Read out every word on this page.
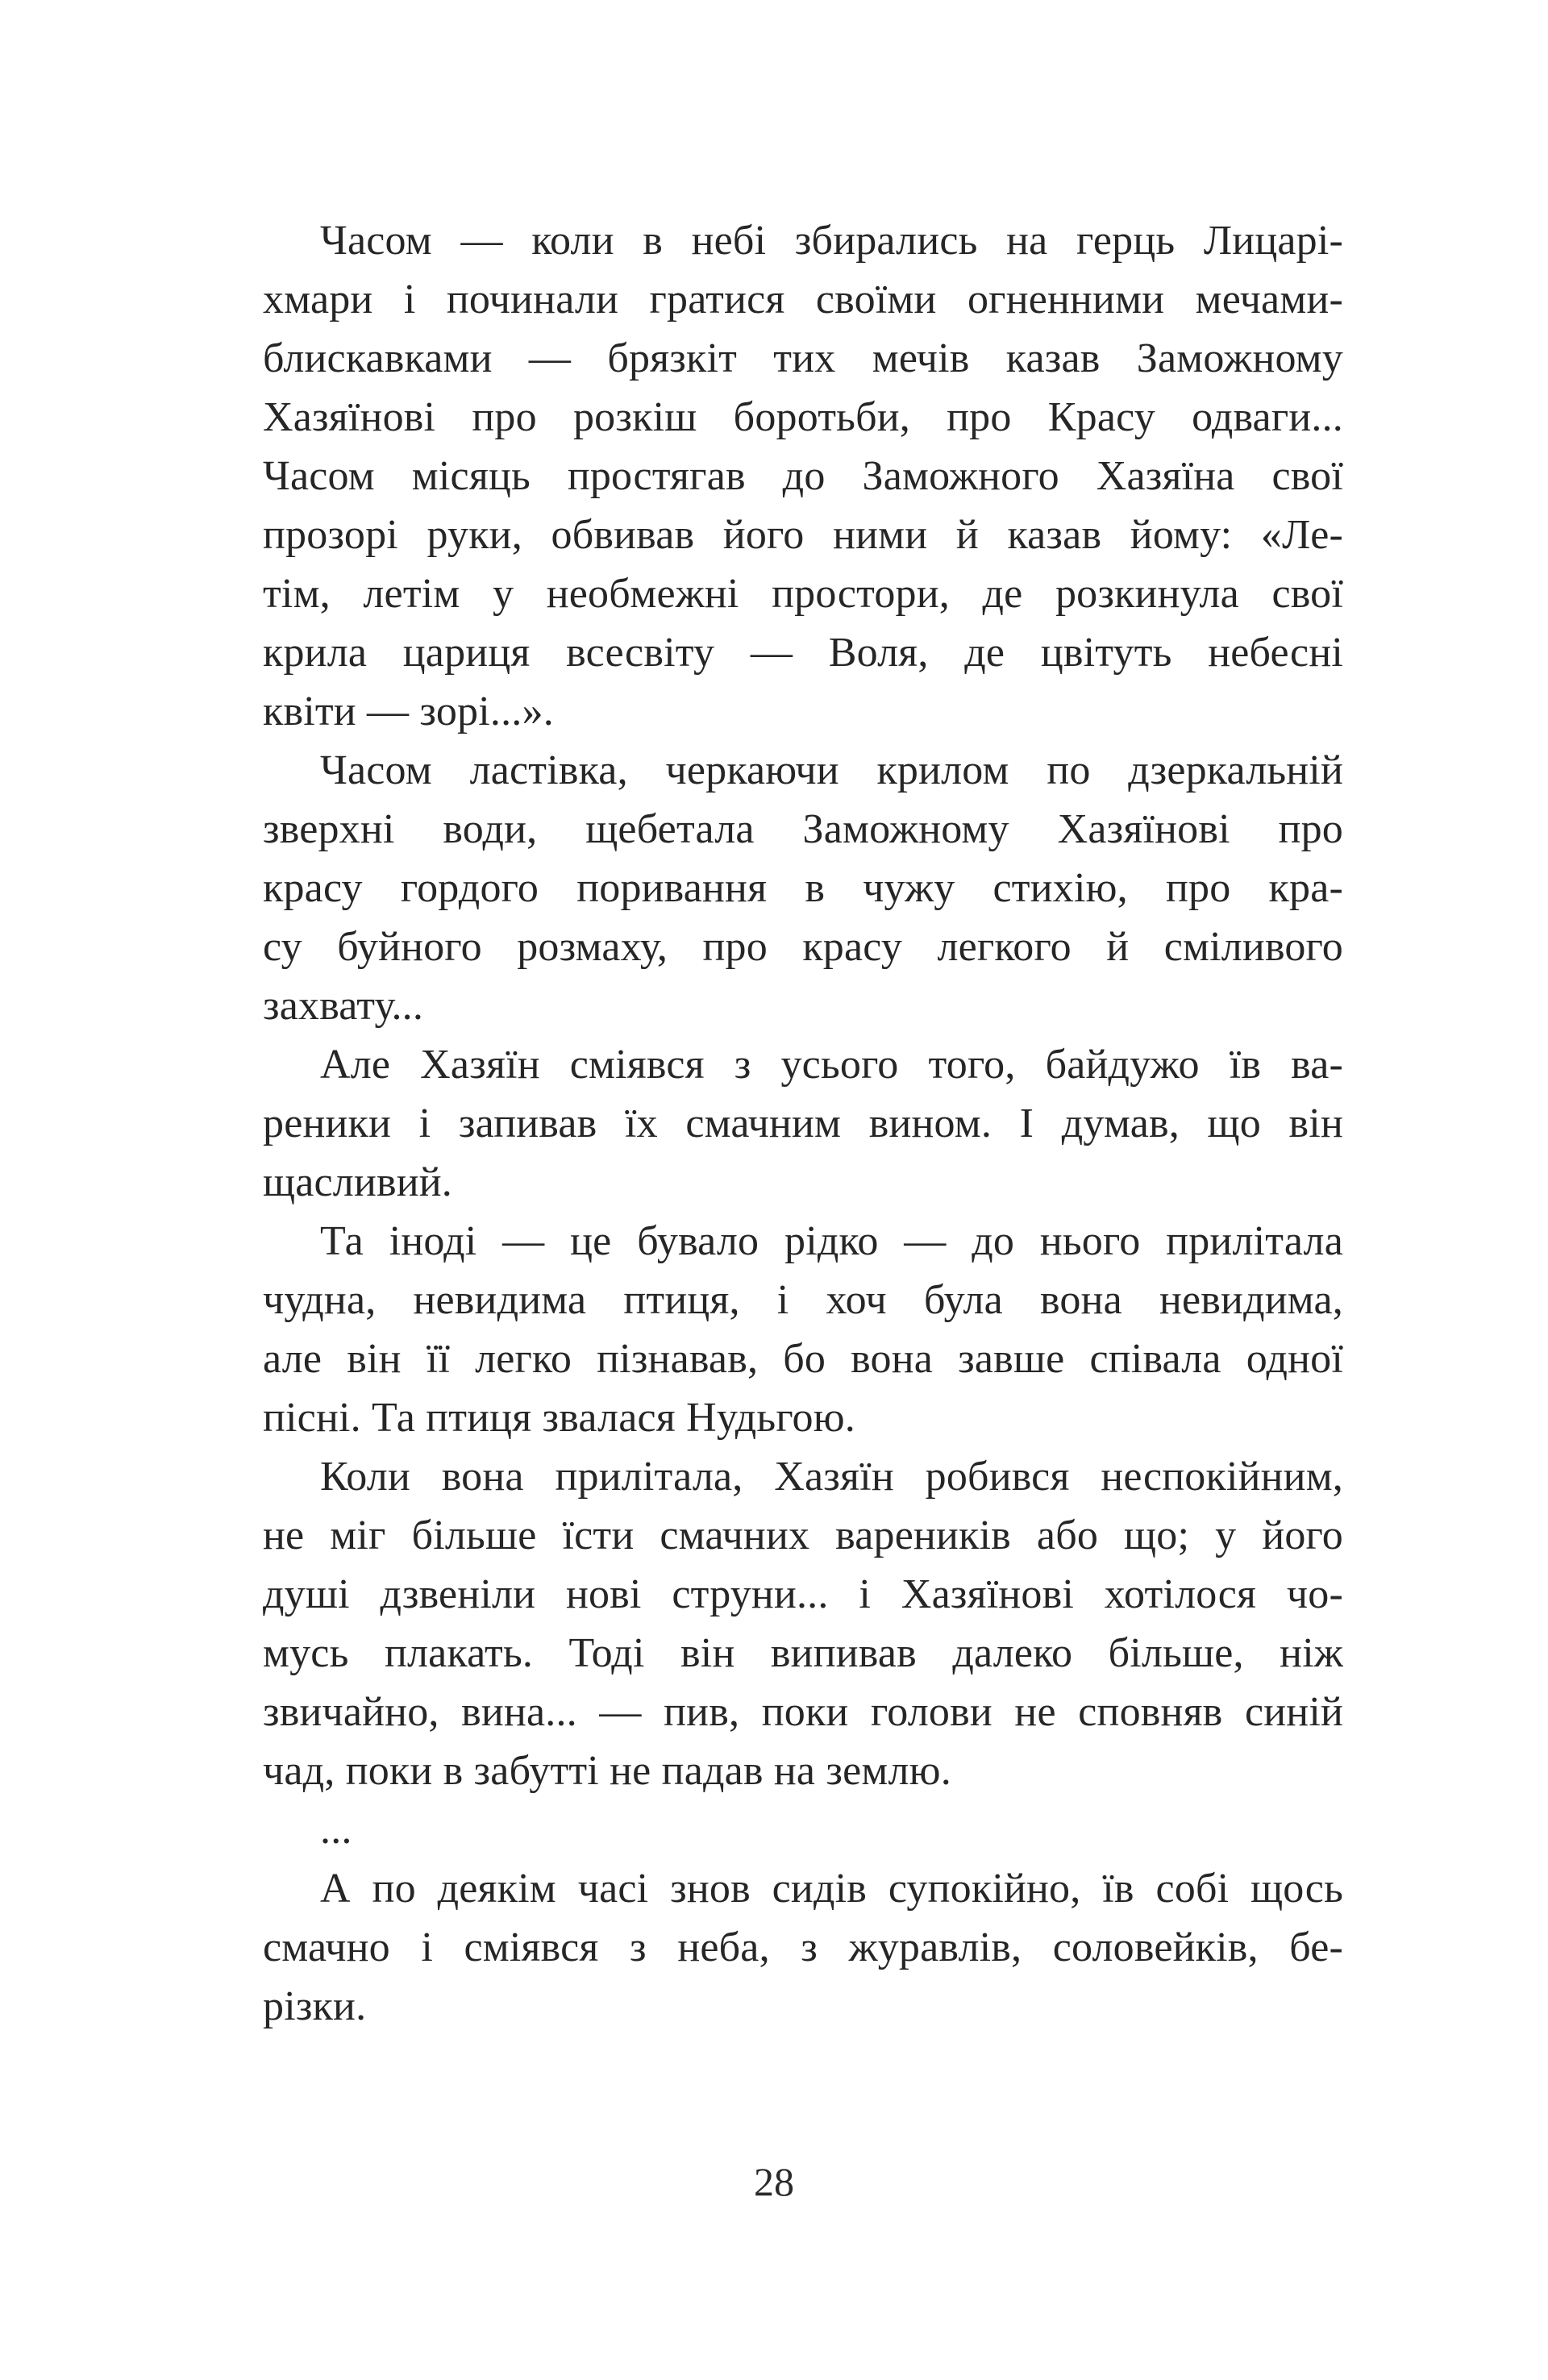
Часом — коли в небі збирались на герць Лицарі-
хмари і починали гратися своїми огненними мечами-
блискавками — брязкіт тих мечів казав Заможному
Хазяїнові про розкіш боротьби, про Красу одваги...
Часом місяць простягав до Заможного Хазяїна свої
прозорі руки, обвивав його ними й казав йому: «Ле-
тім, летім у необмежні простори, де розкинула свої
крила цариця всесвіту — Воля, де цвітуть небесні
квіти — зорі...».
Часом ластівка, черкаючи крилом по дзеркальній
зверхні води, щебетала Заможному Хазяїнові про
красу гордого поривання в чужу стихію, про кра-
су буйного розмаху, про красу легкого й сміливого
захвату...
Але Хазяїн сміявся з усього того, байдужо їв ва-
реники і запивав їх смачним вином. І думав, що він
щасливий.
Та іноді — це бувало рідко — до нього прилітала
чудна, невидима птиця, і хоч була вона невидима,
але він її легко пізнавав, бо вона завше співала одної
пісні. Та птиця звалася Нудьгою.
Коли вона прилітала, Хазяїн робився неспокійним,
не міг більше їсти смачних вареників або що; у його
душі дзвеніли нові струни... і Хазяїнові хотілося чо-
мусь плакать. Тоді він випивав далеко більше, ніж
звичайно, вина... — пив, поки голови не сповняв синій
чад, поки в забутті не падав на землю.
...
А по деякім часі знов сидів супокійно, їв собі щось
смачно і сміявся з неба, з журавлів, соловейків, бе-
різки.
28
